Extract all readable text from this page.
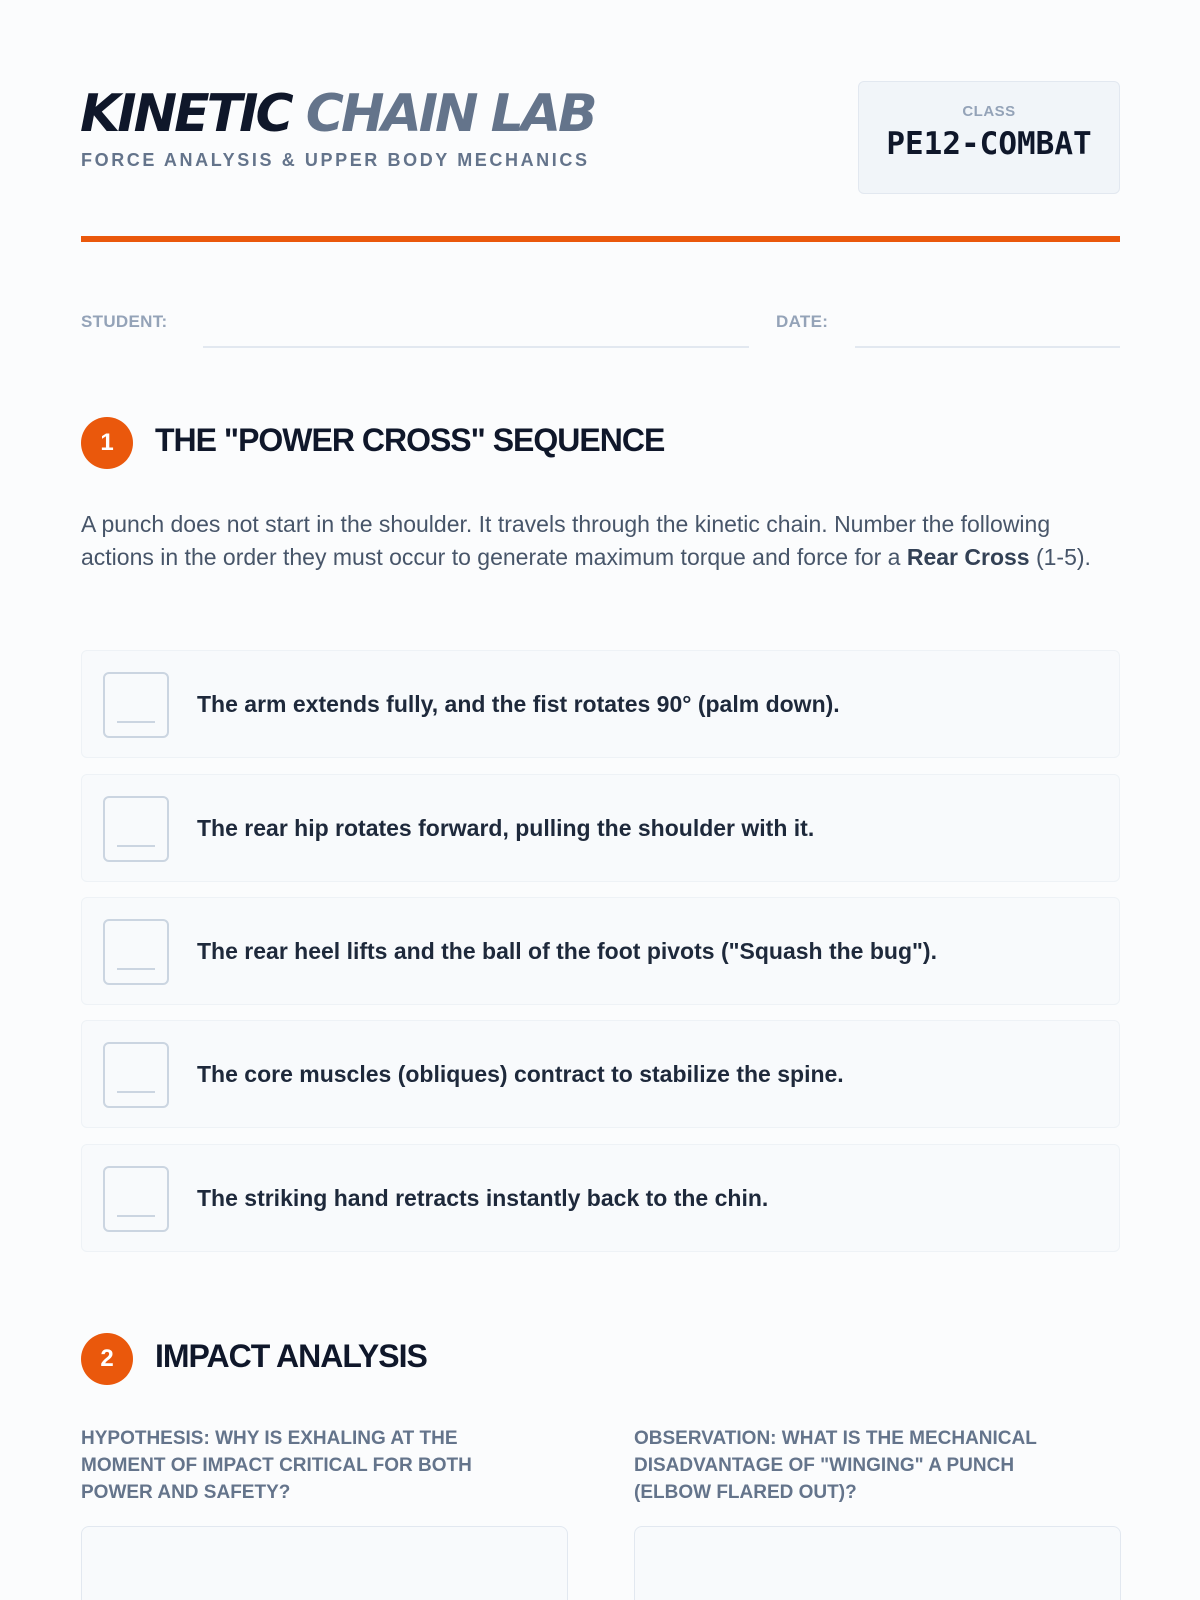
KINETIC CHAIN LAB
FORCE ANALYSIS & UPPER BODY MECHANICS
CLASS
PE12-COMBAT
STUDENT:	DATE:
1	THE "POWER CROSS" SEQUENCE
A punch does not start in the shoulder. It travels through the kinetic chain. Number the following actions in the order they must occur to generate maximum torque and force for a Rear Cross (1-5).
The arm extends fully, and the fist rotates 90° (palm down).
The rear hip rotates forward, pulling the shoulder with it.
The rear heel lifts and the ball of the foot pivots ("Squash the bug").
The core muscles (obliques) contract to stabilize the spine.
The striking hand retracts instantly back to the chin.
2	IMPACT ANALYSIS
HYPOTHESIS: WHY IS EXHALING AT THE MOMENT OF IMPACT CRITICAL FOR BOTH POWER AND SAFETY?
OBSERVATION: WHAT IS THE MECHANICAL DISADVANTAGE OF "WINGING" A PUNCH (ELBOW FLARED OUT)?
